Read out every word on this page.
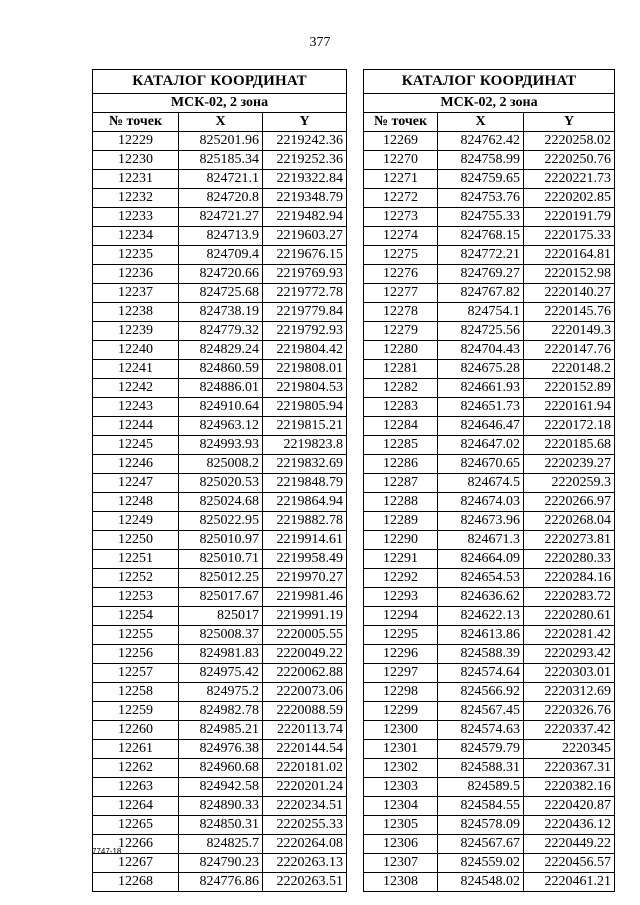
377
КАТАЛОГ КООРДИНАТ		
МСК-02, 2 зона		
№ точек	X	Y
12229	825201.96	2219242.36
12230	825185.34	2219252.36
12231	824721.1	2219322.84
12232	824720.8	2219348.79
12233	824721.27	2219482.94
12234	824713.9	2219603.27
12235	824709.4	2219676.15
12236	824720.66	2219769.93
12237	824725.68	2219772.78
12238	824738.19	2219779.84
12239	824779.32	2219792.93
12240	824829.24	2219804.42
12241	824860.59	2219808.01
12242	824886.01	2219804.53
12243	824910.64	2219805.94
12244	824963.12	2219815.21
12245	824993.93	2219823.8
12246	825008.2	2219832.69
12247	825020.53	2219848.79
12248	825024.68	2219864.94
12249	825022.95	2219882.78
12250	825010.97	2219914.61
12251	825010.71	2219958.49
12252	825012.25	2219970.27
12253	825017.67	2219981.46
12254	825017	2219991.19
12255	825008.37	2220005.55
12256	824981.83	2220049.22
12257	824975.42	2220062.88
12258	824975.2	2220073.06
12259	824982.78	2220088.59
12260	824985.21	2220113.74
12261	824976.38	2220144.54
12262	824960.68	2220181.02
12263	824942.58	2220201.24
12264	824890.33	2220234.51
12265	824850.31	2220255.33
12266	824825.7	2220264.08
12267	824790.23	2220263.13
12268	824776.86	2220263.51
КАТАЛОГ КООРДИНАТ		
МСК-02, 2 зона		
№ точек	X	Y
12269	824762.42	2220258.02
12270	824758.99	2220250.76
12271	824759.65	2220221.73
12272	824753.76	2220202.85
12273	824755.33	2220191.79
12274	824768.15	2220175.33
12275	824772.21	2220164.81
12276	824769.27	2220152.98
12277	824767.82	2220140.27
12278	824754.1	2220145.76
12279	824725.56	2220149.3
12280	824704.43	2220147.76
12281	824675.28	2220148.2
12282	824661.93	2220152.89
12283	824651.73	2220161.94
12284	824646.47	2220172.18
12285	824647.02	2220185.68
12286	824670.65	2220239.27
12287	824674.5	2220259.3
12288	824674.03	2220266.97
12289	824673.96	2220268.04
12290	824671.3	2220273.81
12291	824664.09	2220280.33
12292	824654.53	2220284.16
12293	824636.62	2220283.72
12294	824622.13	2220280.61
12295	824613.86	2220281.42
12296	824588.39	2220293.42
12297	824574.64	2220303.01
12298	824566.92	2220312.69
12299	824567.45	2220326.76
12300	824574.63	2220337.42
12301	824579.79	2220345
12302	824588.31	2220367.31
12303	824589.5	2220382.16
12304	824584.55	2220420.87
12305	824578.09	2220436.12
12306	824567.67	2220449.22
12307	824559.02	2220456.57
12308	824548.02	2220461.21
7747-18
